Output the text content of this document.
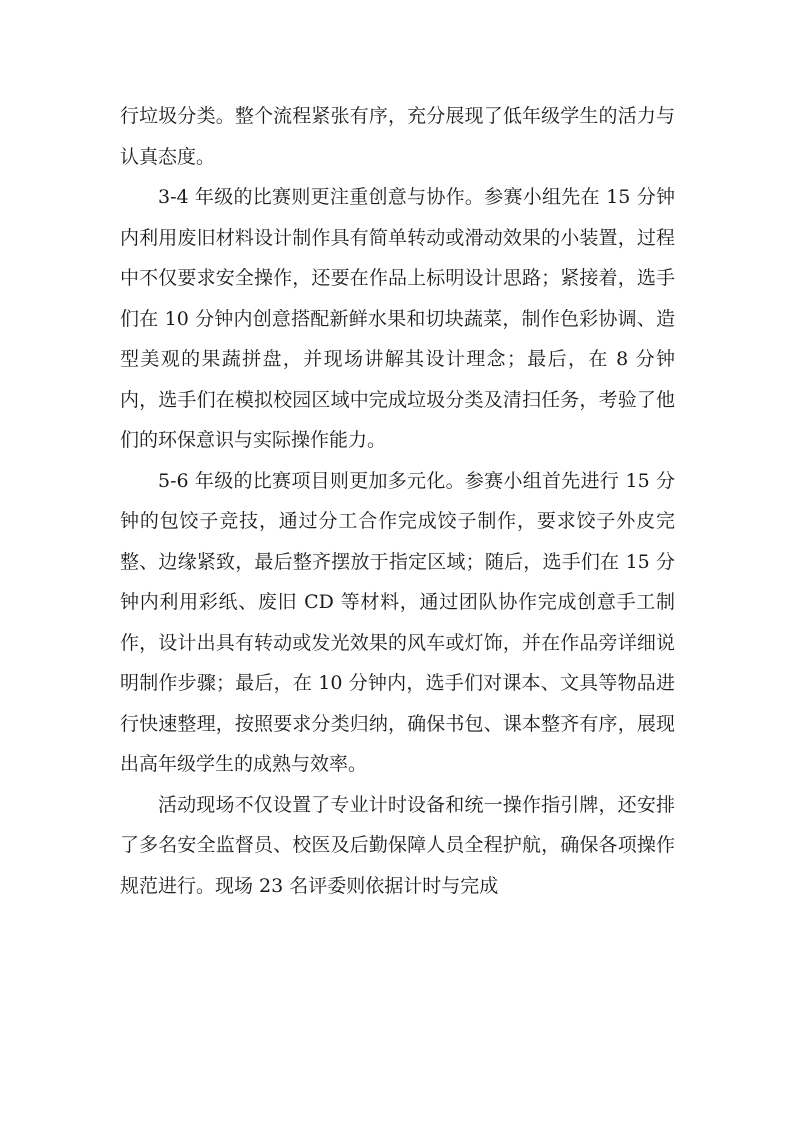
行垃圾分类。整个流程紧张有序，充分展现了低年级学生的活力与认真态度。

3-4 年级的比赛则更注重创意与协作。参赛小组先在 15 分钟内利用废旧材料设计制作具有简单转动或滑动效果的小装置，过程中不仅要求安全操作，还要在作品上标明设计思路；紧接着，选手们在 10 分钟内创意搭配新鲜水果和切块蔬菜，制作色彩协调、造型美观的果蔬拼盘，并现场讲解其设计理念；最后，在 8 分钟内，选手们在模拟校园区域中完成垃圾分类及清扫任务，考验了他们的环保意识与实际操作能力。

5-6 年级的比赛项目则更加多元化。参赛小组首先进行 15 分钟的包饺子竞技，通过分工合作完成饺子制作，要求饺子外皮完整、边缘紧致，最后整齐摆放于指定区域；随后，选手们在 15 分钟内利用彩纸、废旧 CD 等材料，通过团队协作完成创意手工制作，设计出具有转动或发光效果的风车或灯饰，并在作品旁详细说明制作步骤；最后，在 10 分钟内，选手们对课本、文具等物品进行快速整理，按照要求分类归纳，确保书包、课本整齐有序，展现出高年级学生的成熟与效率。

活动现场不仅设置了专业计时设备和统一操作指引牌，还安排了多名安全监督员、校医及后勤保障人员全程护航，确保各项操作规范进行。现场 23 名评委则依据计时与完成
